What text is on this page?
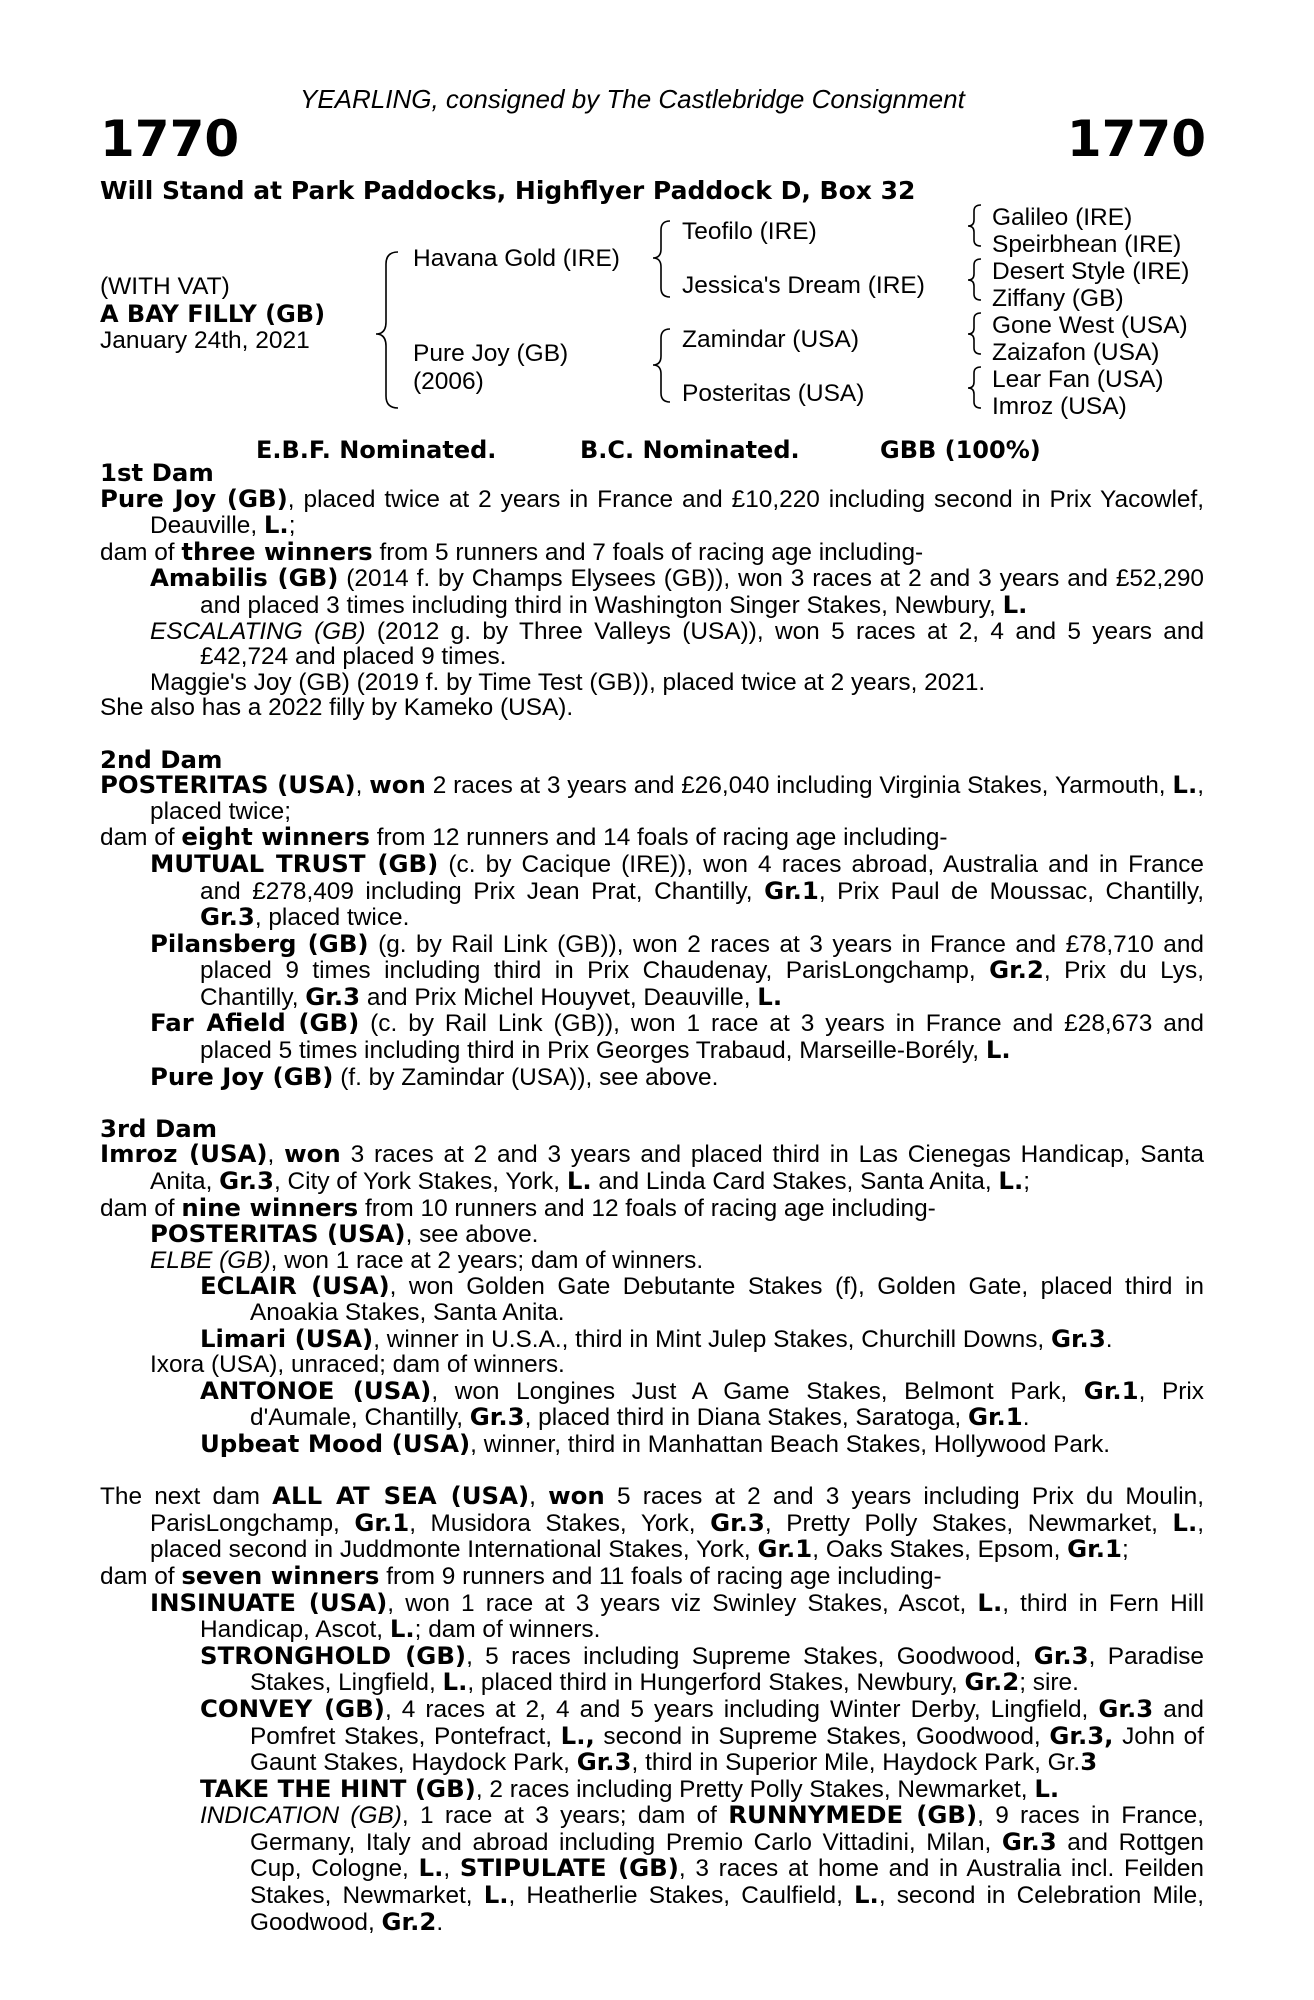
YEARLING, consigned by The Castlebridge Consignment
1770	1770
Will Stand at Park Paddocks, Highflyer Paddock D, Box 32
(WITH VAT)
A BAY FILLY (GB)
January 24th, 2021
Havana Gold (IRE)
Pure Joy (GB)
(2006)
Teofilo (IRE)
Jessica's Dream (IRE)
Zamindar (USA)
Posteritas (USA)
Galileo (IRE)
Speirbhean (IRE)
Desert Style (IRE)
Ziffany (GB)
Gone West (USA)
Zaizafon (USA)
Lear Fan (USA)
Imroz (USA)
E.B.F. Nominated.	B.C. Nominated.	GBB (100%)
1st Dam
Pure Joy (GB), placed twice at 2 years in France and £10,220 including second in Prix Yacowlef, Deauville, L.;
dam of three winners from 5 runners and 7 foals of racing age including-
Amabilis (GB) (2014 f. by Champs Elysees (GB)), won 3 races at 2 and 3 years and £52,290 and placed 3 times including third in Washington Singer Stakes, Newbury, L.
ESCALATING (GB) (2012 g. by Three Valleys (USA)), won 5 races at 2, 4 and 5 years and £42,724 and placed 9 times.
Maggie's Joy (GB) (2019 f. by Time Test (GB)), placed twice at 2 years, 2021.
She also has a 2022 filly by Kameko (USA).
2nd Dam
POSTERITAS (USA), won 2 races at 3 years and £26,040 including Virginia Stakes, Yarmouth, L., placed twice;
dam of eight winners from 12 runners and 14 foals of racing age including-
MUTUAL TRUST (GB) (c. by Cacique (IRE)), won 4 races abroad, Australia and in France and £278,409 including Prix Jean Prat, Chantilly, Gr.1, Prix Paul de Moussac, Chantilly, Gr.3, placed twice.
Pilansberg (GB) (g. by Rail Link (GB)), won 2 races at 3 years in France and £78,710 and placed 9 times including third in Prix Chaudenay, ParisLongchamp, Gr.2, Prix du Lys, Chantilly, Gr.3 and Prix Michel Houyvet, Deauville, L.
Far Afield (GB) (c. by Rail Link (GB)), won 1 race at 3 years in France and £28,673 and placed 5 times including third in Prix Georges Trabaud, Marseille-Borély, L.
Pure Joy (GB) (f. by Zamindar (USA)), see above.
3rd Dam
Imroz (USA), won 3 races at 2 and 3 years and placed third in Las Cienegas Handicap, Santa Anita, Gr.3, City of York Stakes, York, L. and Linda Card Stakes, Santa Anita, L.;
dam of nine winners from 10 runners and 12 foals of racing age including-
POSTERITAS (USA), see above.
ELBE (GB), won 1 race at 2 years; dam of winners.
ECLAIR (USA), won Golden Gate Debutante Stakes (f), Golden Gate, placed third in Anoakia Stakes, Santa Anita.
Limari (USA), winner in U.S.A., third in Mint Julep Stakes, Churchill Downs, Gr.3.
Ixora (USA), unraced; dam of winners.
ANTONOE (USA), won Longines Just A Game Stakes, Belmont Park, Gr.1, Prix d'Aumale, Chantilly, Gr.3, placed third in Diana Stakes, Saratoga, Gr.1.
Upbeat Mood (USA), winner, third in Manhattan Beach Stakes, Hollywood Park.
The next dam ALL AT SEA (USA), won 5 races at 2 and 3 years including Prix du Moulin, ParisLongchamp, Gr.1, Musidora Stakes, York, Gr.3, Pretty Polly Stakes, Newmarket, L., placed second in Juddmonte International Stakes, York, Gr.1, Oaks Stakes, Epsom, Gr.1;
dam of seven winners from 9 runners and 11 foals of racing age including-
INSINUATE (USA), won 1 race at 3 years viz Swinley Stakes, Ascot, L., third in Fern Hill Handicap, Ascot, L.; dam of winners.
STRONGHOLD (GB), 5 races including Supreme Stakes, Goodwood, Gr.3, Paradise Stakes, Lingfield, L., placed third in Hungerford Stakes, Newbury, Gr.2; sire.
CONVEY (GB), 4 races at 2, 4 and 5 years including Winter Derby, Lingfield, Gr.3 and Pomfret Stakes, Pontefract, L., second in Supreme Stakes, Goodwood, Gr.3, John of Gaunt Stakes, Haydock Park, Gr.3, third in Superior Mile, Haydock Park, Gr.3
TAKE THE HINT (GB), 2 races including Pretty Polly Stakes, Newmarket, L.
INDICATION (GB), 1 race at 3 years; dam of RUNNYMEDE (GB), 9 races in France, Germany, Italy and abroad including Premio Carlo Vittadini, Milan, Gr.3 and Rottgen Cup, Cologne, L., STIPULATE (GB), 3 races at home and in Australia incl. Feilden Stakes, Newmarket, L., Heatherlie Stakes, Caulfield, L., second in Celebration Mile, Goodwood, Gr.2.
